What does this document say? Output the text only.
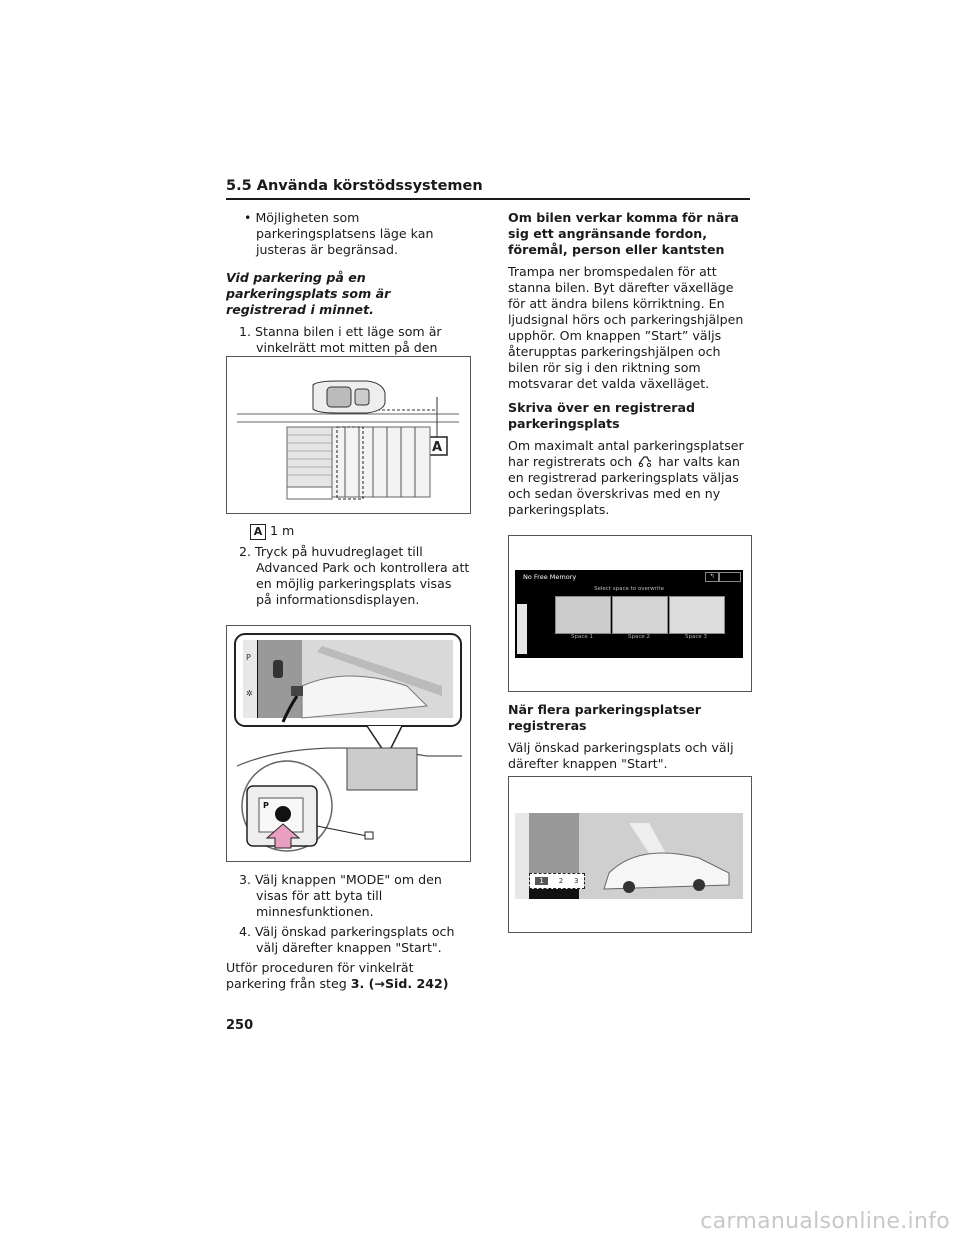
5.5 Använda körstödssystemen

• Möjligheten som parkeringsplatsens läge kan justeras är begränsad.

Vid parkering på en parkeringsplats som är registrerad i minnet.

1. Stanna bilen i ett läge som är vinkelrätt mot mitten på den

A
A 1 m

2. Tryck på huvudreglaget till Advanced Park och kontrollera att en möjlig parkeringsplats visas på informationsdisplayen.

P
✲
P

3. Välj knappen "MODE" om den visas för att byta till minnesfunktionen.

4. Välj önskad parkeringsplats och välj därefter knappen "Start".

Utför proceduren för vinkelrät parkering från steg 3. (→Sid. 242)

Om bilen verkar komma för nära sig ett angränsande fordon, föremål, person eller kantsten

Trampa ner bromspedalen för att stanna bilen. Byt därefter växelläge för att ändra bilens körriktning. En ljudsignal hörs och parkeringshjälpen upphör. Om knappen ”Start” väljs återupptas parkeringshjälpen och bilen rör sig i den riktning som motsvarar det valda växelläget.

Skriva över en registrerad parkeringsplats

Om maximalt antal parkeringsplatser har registrerats och  har valts kan en registrerad parkeringsplats väljas och sedan överskrivas med en ny parkeringsplats.

No Free Memory	↰
Select space to overwrite
Space 1	Space 2	Space 3

När flera parkeringsplatser registreras

Välj önskad parkeringsplats och välj därefter knappen "Start".

1	2 3
250
carmanualsonline.info
